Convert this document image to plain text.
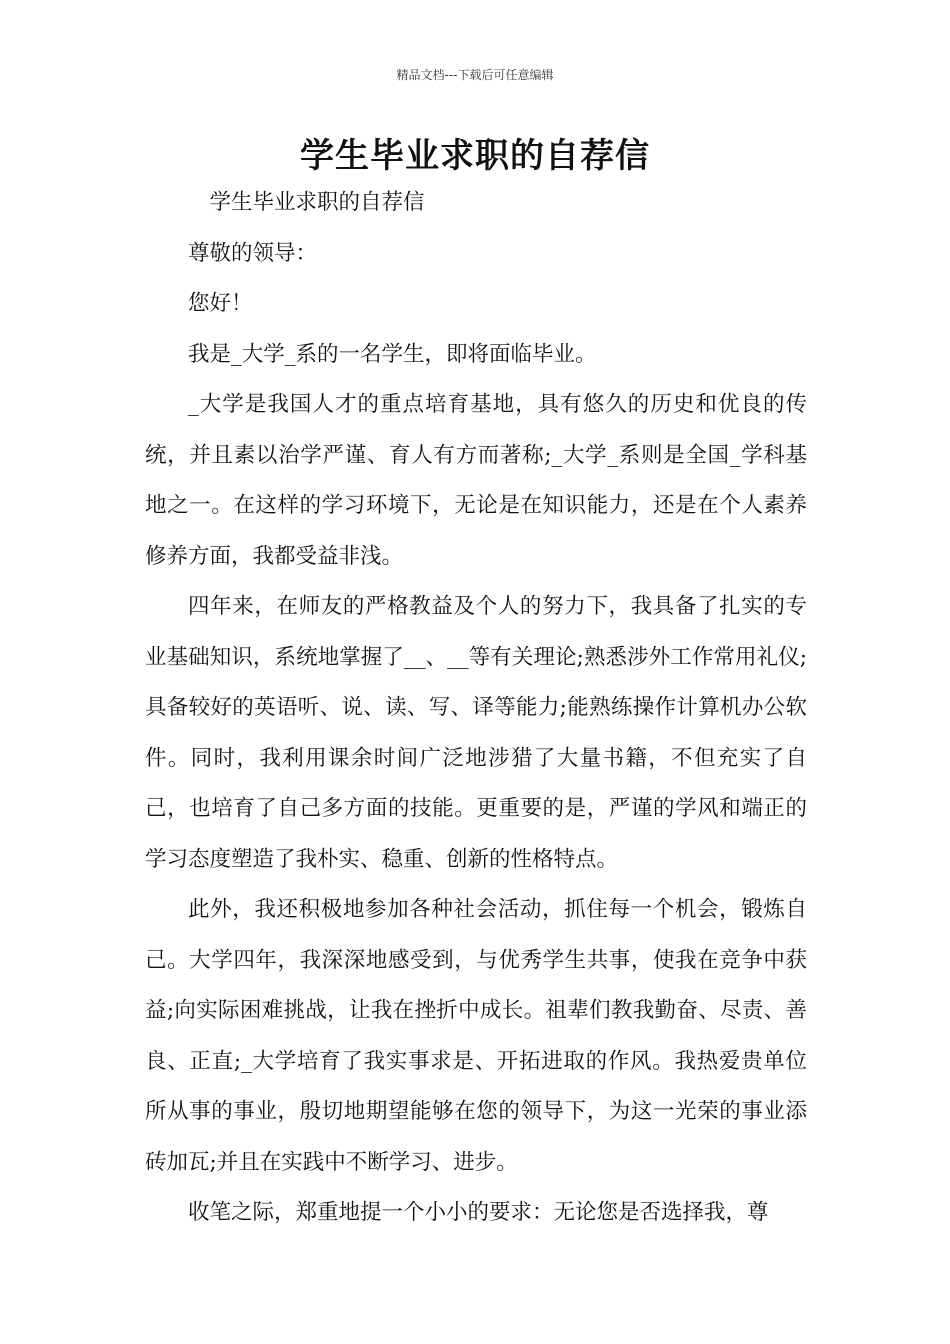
精品文档---下载后可任意编辑
学生毕业求职的自荐信

学生毕业求职的自荐信

尊敬的领导：

您好！

我是_大学_系的一名学生，即将面临毕业。

_大学是我国人才的重点培育基地，具有悠久的历史和优良的传统，并且素以治学严谨、育人有方而著称;_大学_系则是全国_学科基地之一。在这样的学习环境下，无论是在知识能力，还是在个人素养修养方面，我都受益非浅。

四年来，在师友的严格教益及个人的努力下，我具备了扎实的专业基础知识，系统地掌握了__、__等有关理论;熟悉涉外工作常用礼仪;具备较好的英语听、说、读、写、译等能力;能熟练操作计算机办公软件。同时，我利用课余时间广泛地涉猎了大量书籍，不但充实了自己，也培育了自己多方面的技能。更重要的是，严谨的学风和端正的学习态度塑造了我朴实、稳重、创新的性格特点。

此外，我还积极地参加各种社会活动，抓住每一个机会，锻炼自己。大学四年，我深深地感受到，与优秀学生共事，使我在竞争中获益;向实际困难挑战，让我在挫折中成长。祖辈们教我勤奋、尽责、善良、正直;_大学培育了我实事求是、开拓进取的作风。我热爱贵单位所从事的事业，殷切地期望能够在您的领导下，为这一光荣的事业添砖加瓦;并且在实践中不断学习、进步。

收笔之际，郑重地提一个小小的要求：无论您是否选择我，尊
